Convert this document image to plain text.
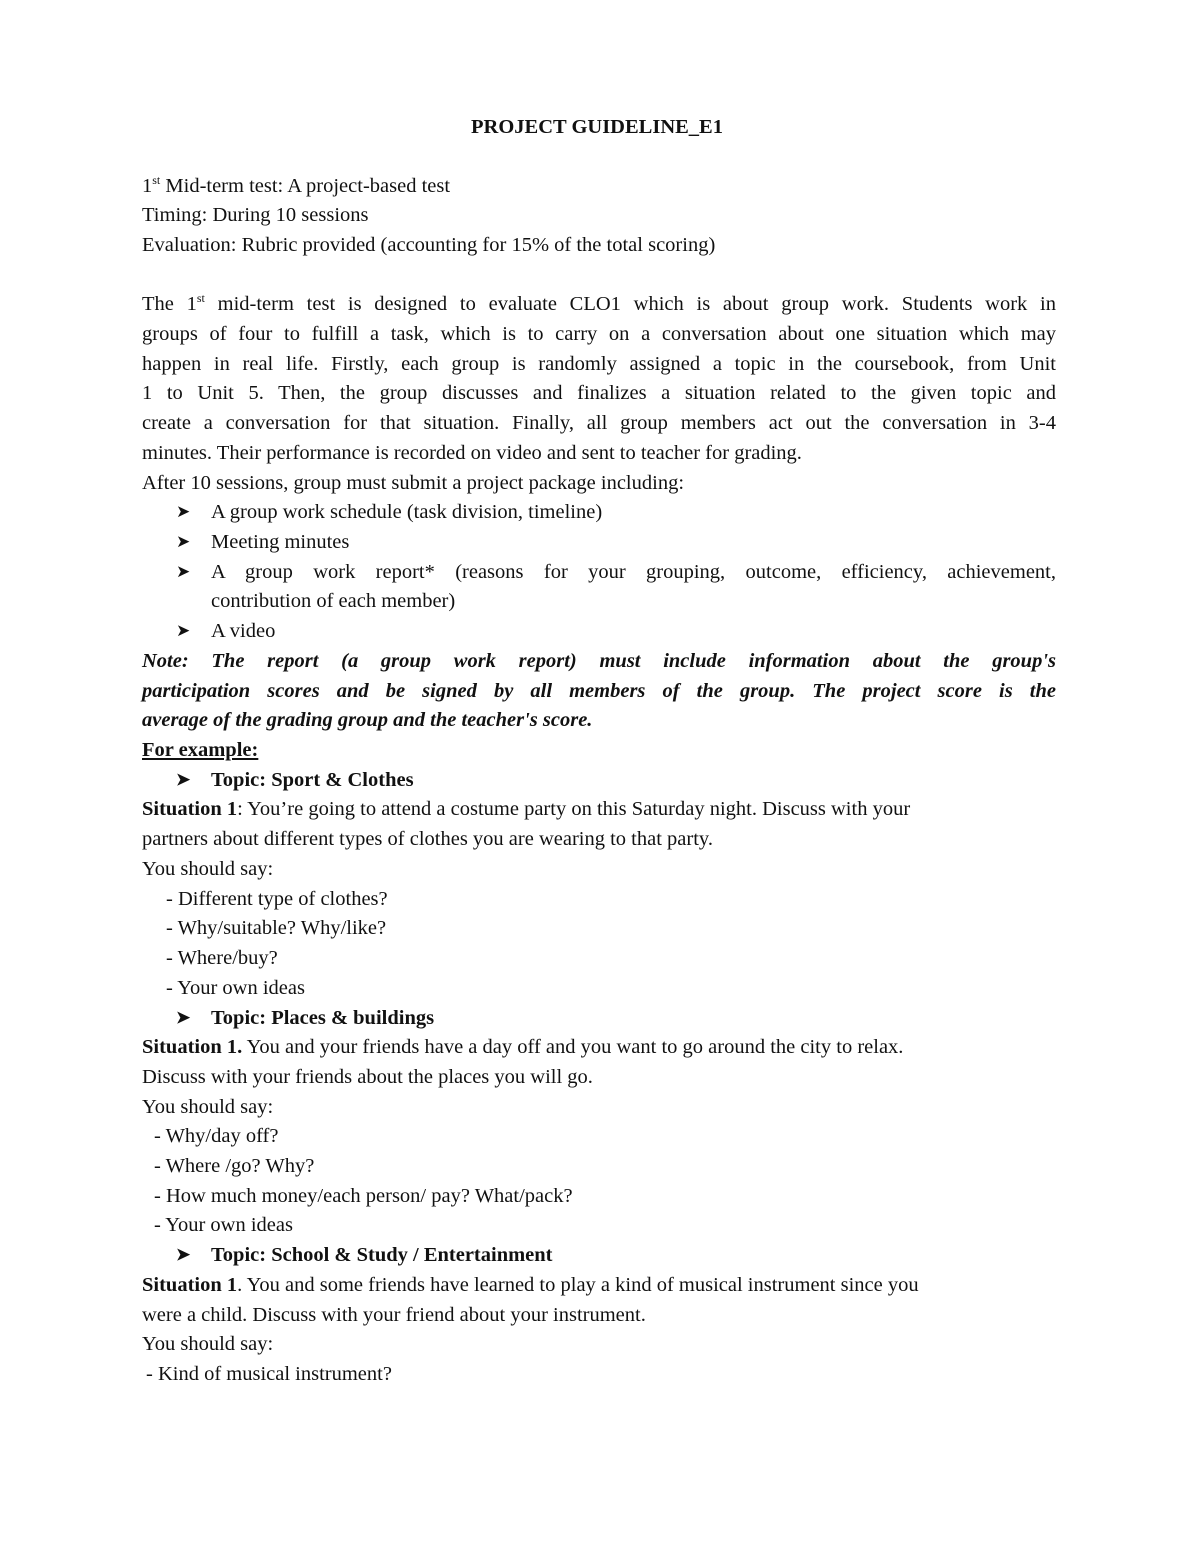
PROJECT GUIDELINE_E1
1st Mid-term test: A project-based test
Timing: During 10 sessions
Evaluation: Rubric provided (accounting for 15% of the total scoring)
The 1st mid-term test is designed to evaluate CLO1 which is about group work. Students work in
groups of four to fulfill a task, which is to carry on a conversation about one situation which may
happen in real life. Firstly, each group is randomly assigned a topic in the coursebook, from Unit
1 to Unit 5. Then, the group discusses and finalizes a situation related to the given topic and
create a conversation for that situation. Finally, all group members act out the conversation in 3-4
minutes. Their performance is recorded on video and sent to teacher for grading.
After 10 sessions, group must submit a project package including:
➤ A group work schedule (task division, timeline)
➤ Meeting minutes
➤ A group work report* (reasons for your grouping, outcome, efficiency, achievement,
contribution of each member)
➤ A video
Note: The report (a group work report) must include information about the group's
participation scores and be signed by all members of the group. The project score is the
average of the grading group and the teacher's score.
For example:
➤ Topic: Sport & Clothes
Situation 1: You’re going to attend a costume party on this Saturday night. Discuss with your
partners about different types of clothes you are wearing to that party.
You should say:
- Different type of clothes?
- Why/suitable? Why/like?
- Where/buy?
- Your own ideas
➤ Topic: Places & buildings
Situation 1. You and your friends have a day off and you want to go around the city to relax.
Discuss with your friends about the places you will go.
You should say:
- Why/day off?
- Where /go? Why?
- How much money/each person/ pay? What/pack?
- Your own ideas
➤ Topic: School & Study / Entertainment
Situation 1. You and some friends have learned to play a kind of musical instrument since you
were a child. Discuss with your friend about your instrument.
You should say:
- Kind of musical instrument?
